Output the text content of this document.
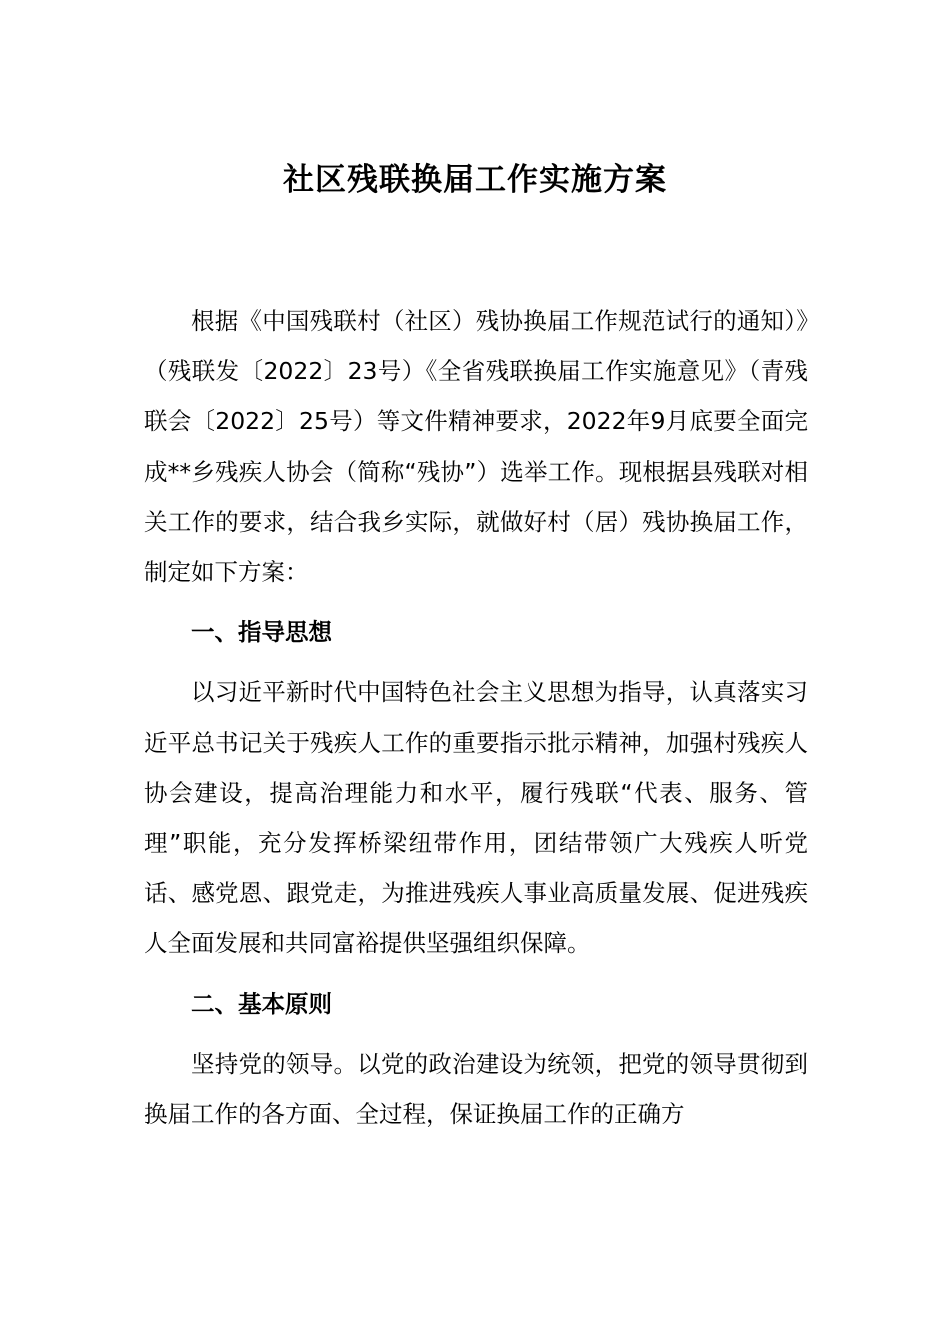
社区残联换届工作实施方案

根据《中国残联村（社区）残协换届工作规范试行的通知）》（残联发〔2022〕23号）《全省残联换届工作实施意见》（青残联会〔2022〕25号）等文件精神要求，2022年9月底要全面完成**乡残疾人协会（简称“残协”）选举工作。现根据县残联对相关工作的要求，结合我乡实际，就做好村（居）残协换届工作，制定如下方案：

一、指导思想

以习近平新时代中国特色社会主义思想为指导，认真落实习近平总书记关于残疾人工作的重要指示批示精神，加强村残疾人协会建设，提高治理能力和水平，履行残联“代表、服务、管理”职能，充分发挥桥梁纽带作用，团结带领广大残疾人听党话、感党恩、跟党走，为推进残疾人事业高质量发展、促进残疾人全面发展和共同富裕提供坚强组织保障。

二、基本原则

坚持党的领导。以党的政治建设为统领，把党的领导贯彻到换届工作的各方面、全过程，保证换届工作的正确方
